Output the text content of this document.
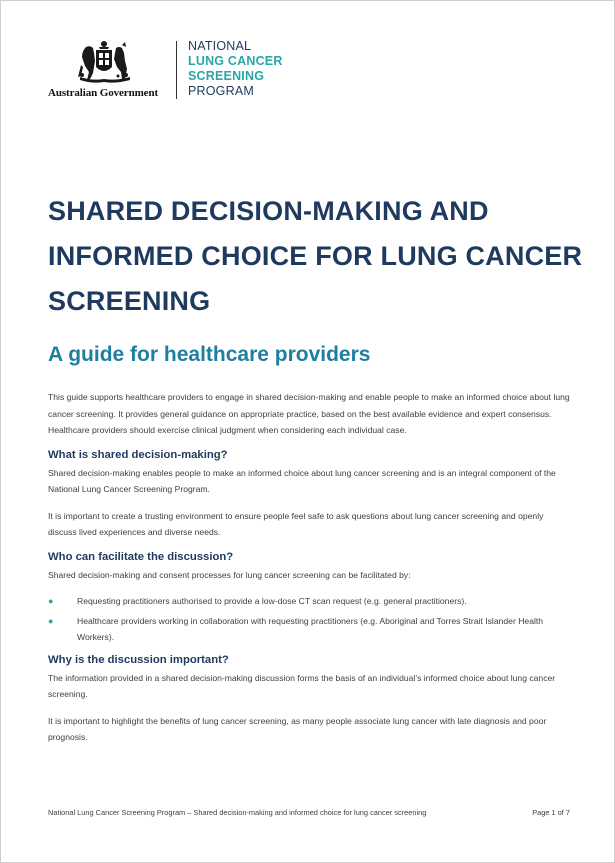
Australian Government
NATIONAL
LUNG CANCER
SCREENING
PROGRAM
SHARED DECISION-MAKING AND INFORMED CHOICE FOR LUNG CANCER SCREENING
A guide for healthcare providers

This guide supports healthcare providers to engage in shared decision-making and enable people to make an informed choice about lung cancer screening. It provides general guidance on appropriate practice, based on the best available evidence and expert consensus. Healthcare providers should exercise clinical judgment when considering each individual case.

What is shared decision-making?

Shared decision-making enables people to make an informed choice about lung cancer screening and is an integral component of the National Lung Cancer Screening Program.

It is important to create a trusting environment to ensure people feel safe to ask questions about lung cancer screening and openly discuss lived experiences and diverse needs.

Who can facilitate the discussion?

Shared decision-making and consent processes for lung cancer screening can be facilitated by:

●	Requesting practitioners authorised to provide a low-dose CT scan request (e.g. general practitioners).
●	Healthcare providers working in collaboration with requesting practitioners (e.g. Aboriginal and Torres Strait Islander Health Workers).
Why is the discussion important?

The information provided in a shared decision-making discussion forms the basis of an individual’s informed choice about lung cancer screening.

It is important to highlight the benefits of lung cancer screening, as many people associate lung cancer with late diagnosis and poor prognosis.

National Lung Cancer Screening Program – Shared decision-making and informed choice for lung cancer screening	Page 1 of 7
